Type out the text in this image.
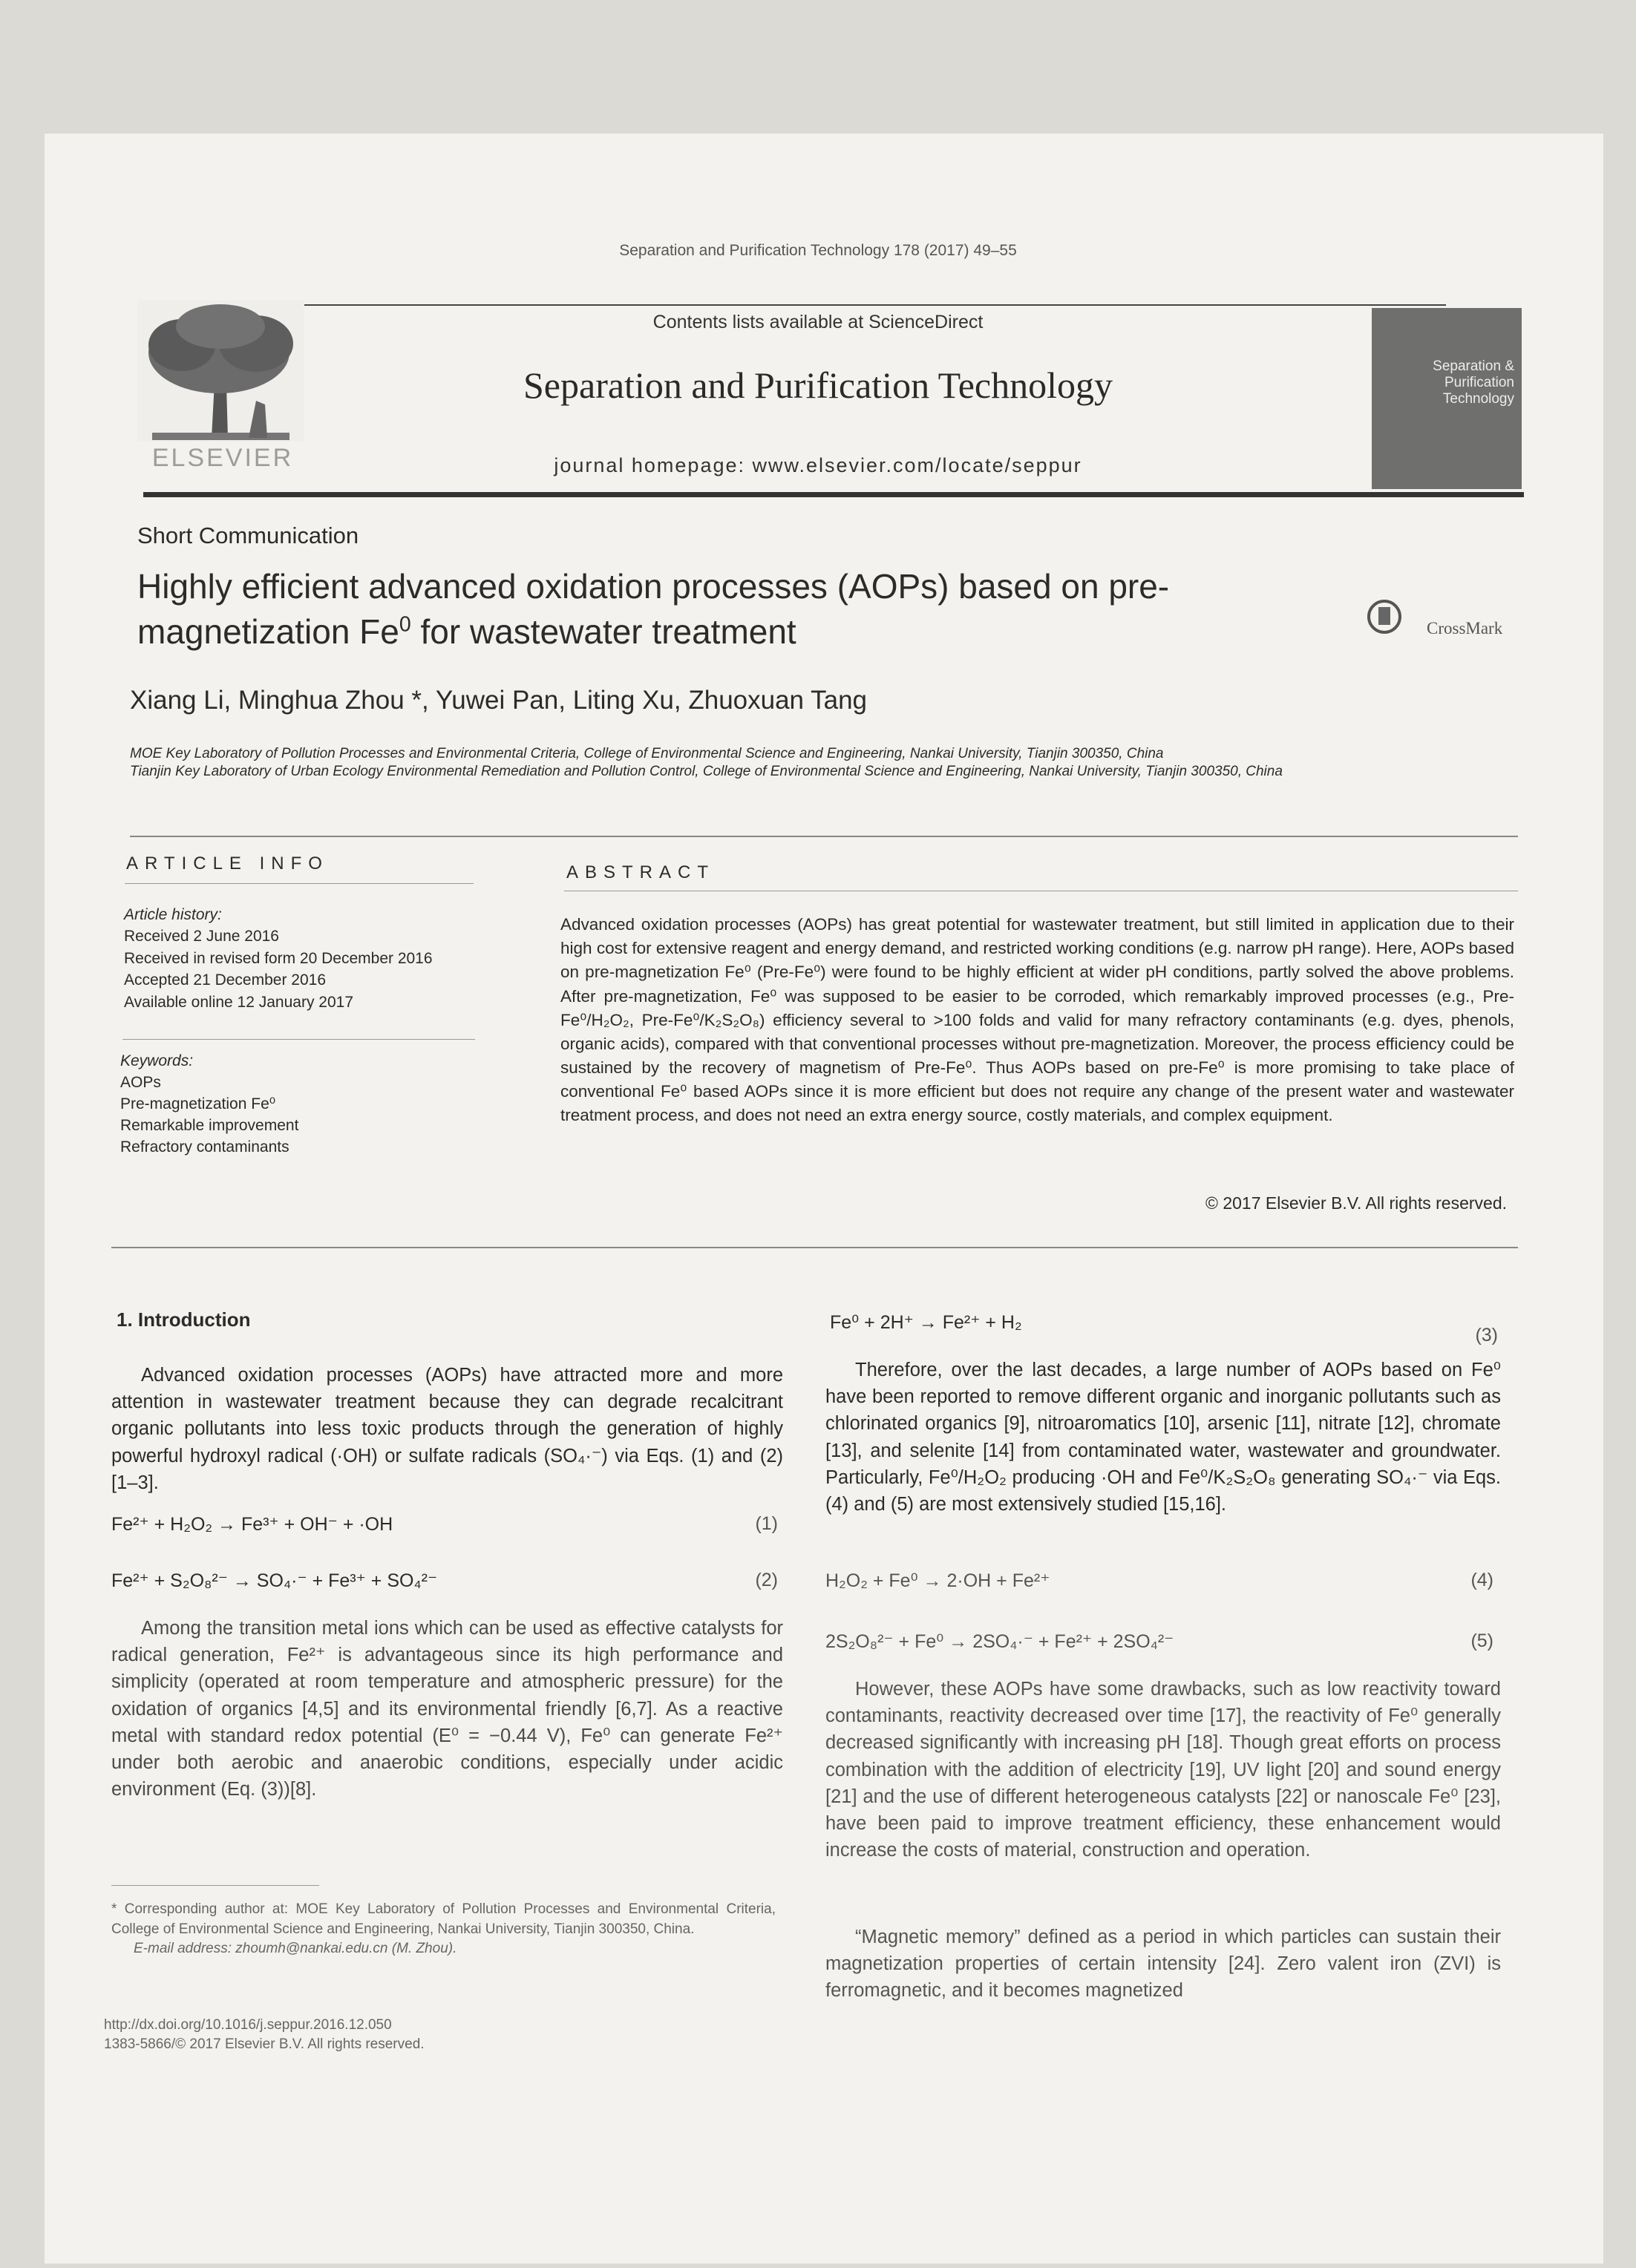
Separation and Purification Technology 178 (2017) 49–55
ELSEVIER
Contents lists available at ScienceDirect
Separation and Purification Technology
journal homepage: www.elsevier.com/locate/seppur
Separation & Purification Technology
Short Communication
Highly efficient advanced oxidation processes (AOPs) based on pre-magnetization Fe$^0$ for wastewater treatment	CrossMark
Xiang Li, Minghua Zhou *, Yuwei Pan, Liting Xu, Zhuoxuan Tang
MOE Key Laboratory of Pollution Processes and Environmental Criteria, College of Environmental Science and Engineering, Nankai University, Tianjin 300350, China
Tianjin Key Laboratory of Urban Ecology Environmental Remediation and Pollution Control, College of Environmental Science and Engineering, Nankai University, Tianjin 300350, China
ARTICLE INFO	ABSTRACT
Article history:
Received 2 June 2016
Received in revised form 20 December 2016
Accepted 21 December 2016
Available online 12 January 2017
Keywords:
AOPs
Pre-magnetization Fe⁰
Remarkable improvement
Refractory contaminants
Advanced oxidation processes (AOPs) has great potential for wastewater treatment, but still limited in application due to their high cost for extensive reagent and energy demand, and restricted working conditions (e.g. narrow pH range). Here, AOPs based on pre-magnetization Fe⁰ (Pre-Fe⁰) were found to be highly efficient at wider pH conditions, partly solved the above problems. After pre-magnetization, Fe⁰ was supposed to be easier to be corroded, which remarkably improved processes (e.g., Pre-Fe⁰/H₂O₂, Pre-Fe⁰/K₂S₂O₈) efficiency several to >100 folds and valid for many refractory contaminants (e.g. dyes, phenols, organic acids), compared with that conventional processes without pre-magnetization. Moreover, the process efficiency could be sustained by the recovery of magnetism of Pre-Fe⁰. Thus AOPs based on pre-Fe⁰ is more promising to take place of conventional Fe⁰ based AOPs since it is more efficient but does not require any change of the present water and wastewater treatment process, and does not need an extra energy source, costly materials, and complex equipment.
© 2017 Elsevier B.V. All rights reserved.
1. Introduction

Advanced oxidation processes (AOPs) have attracted more and more attention in wastewater treatment because they can degrade recalcitrant organic pollutants into less toxic products through the generation of highly powerful hydroxyl radical (·OH) or sulfate radicals (SO₄·⁻) via Eqs. (1) and (2) [1–3].

Fe²⁺ + H₂O₂ → Fe³⁺ + OH⁻ + ·OH	(1)
Fe²⁺ + S₂O₈²⁻ → SO₄·⁻ + Fe³⁺ + SO₄²⁻	(2)

Among the transition metal ions which can be used as effective catalysts for radical generation, Fe²⁺ is advantageous since its high performance and simplicity (operated at room temperature and atmospheric pressure) for the oxidation of organics [4,5] and its environmental friendly [6,7]. As a reactive metal with standard redox potential (E⁰ = −0.44 V), Fe⁰ can generate Fe²⁺ under both aerobic and anaerobic conditions, especially under acidic environment (Eq. (3))[8].

Fe⁰ + 2H⁺ → Fe²⁺ + H₂
(3)

Therefore, over the last decades, a large number of AOPs based on Fe⁰ have been reported to remove different organic and inorganic pollutants such as chlorinated organics [9], nitroaromatics [10], arsenic [11], nitrate [12], chromate [13], and selenite [14] from contaminated water, wastewater and groundwater. Particularly, Fe⁰/H₂O₂ producing ·OH and Fe⁰/K₂S₂O₈ generating SO₄·⁻ via Eqs. (4) and (5) are most extensively studied [15,16].

H₂O₂ + Fe⁰ → 2·OH + Fe²⁺	(4)
2S₂O₈²⁻ + Fe⁰ → 2SO₄·⁻ + Fe²⁺ + 2SO₄²⁻	(5)

However, these AOPs have some drawbacks, such as low reactivity toward contaminants, reactivity decreased over time [17], the reactivity of Fe⁰ generally decreased significantly with increasing pH [18]. Though great efforts on process combination with the addition of electricity [19], UV light [20] and sound energy [21] and the use of different heterogeneous catalysts [22] or nanoscale Fe⁰ [23], have been paid to improve treatment efficiency, these enhancement would increase the costs of material, construction and operation.

“Magnetic memory” defined as a period in which particles can sustain their magnetization properties of certain intensity [24]. Zero valent iron (ZVI) is ferromagnetic, and it becomes magnetized

* Corresponding author at: MOE Key Laboratory of Pollution Processes and Environmental Criteria, College of Environmental Science and Engineering, Nankai University, Tianjin 300350, China.
E-mail address: zhoumh@nankai.edu.cn (M. Zhou).
http://dx.doi.org/10.1016/j.seppur.2016.12.050
1383-5866/© 2017 Elsevier B.V. All rights reserved.
